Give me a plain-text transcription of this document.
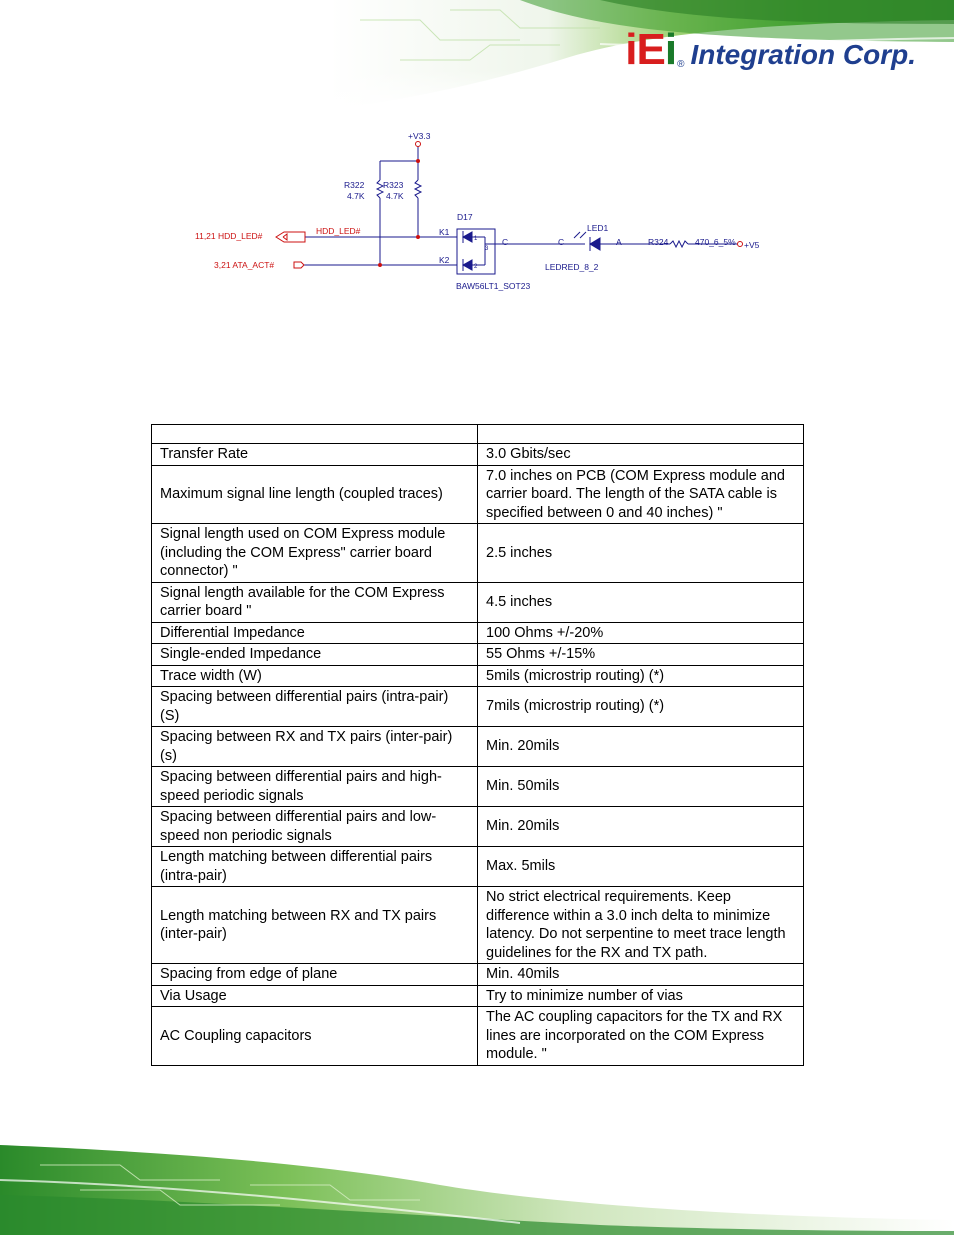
iEi ® Integration Corp.
+V3.3
R322
4.7K
R323
4.7K
D17
K1
K2
1
2
3
C	C
LED1
A
LEDRED_8_2
BAW56LT1_SOT23
R324	470_6_5% +V5
11,21 HDD_LED#	HDD_LED#
3,21 ATA_ACT#

Transfer Rate	3.0 Gbits/sec
Maximum signal line length (coupled traces)	7.0 inches on PCB (COM Express module and carrier board. The length of the SATA cable is specified between 0 and 40 inches) "
Signal length used on COM Express module (including the COM Express" carrier board connector) "	2.5 inches
Signal length available for the COM Express carrier board "	4.5 inches
Differential Impedance	100 Ohms +/-20%
Single-ended Impedance	55 Ohms +/-15%
Trace width (W)	5mils (microstrip routing) (*)
Spacing between differential pairs (intra-pair) (S)	7mils (microstrip routing) (*)
Spacing between RX and TX pairs (inter-pair) (s)	Min. 20mils
Spacing between differential pairs and high-speed periodic signals	Min. 50mils
Spacing between differential pairs and low-speed non periodic signals	Min. 20mils
Length matching between differential pairs (intra-pair)	Max. 5mils
Length matching between RX and TX pairs (inter-pair)	No strict electrical requirements. Keep difference within a 3.0 inch delta to minimize latency. Do not serpentine to meet trace length guidelines for the RX and TX path.
Spacing from edge of plane	Min. 40mils
Via Usage	Try to minimize number of vias
AC Coupling capacitors	The AC coupling capacitors for the TX and RX lines are incorporated on the COM Express module. "
